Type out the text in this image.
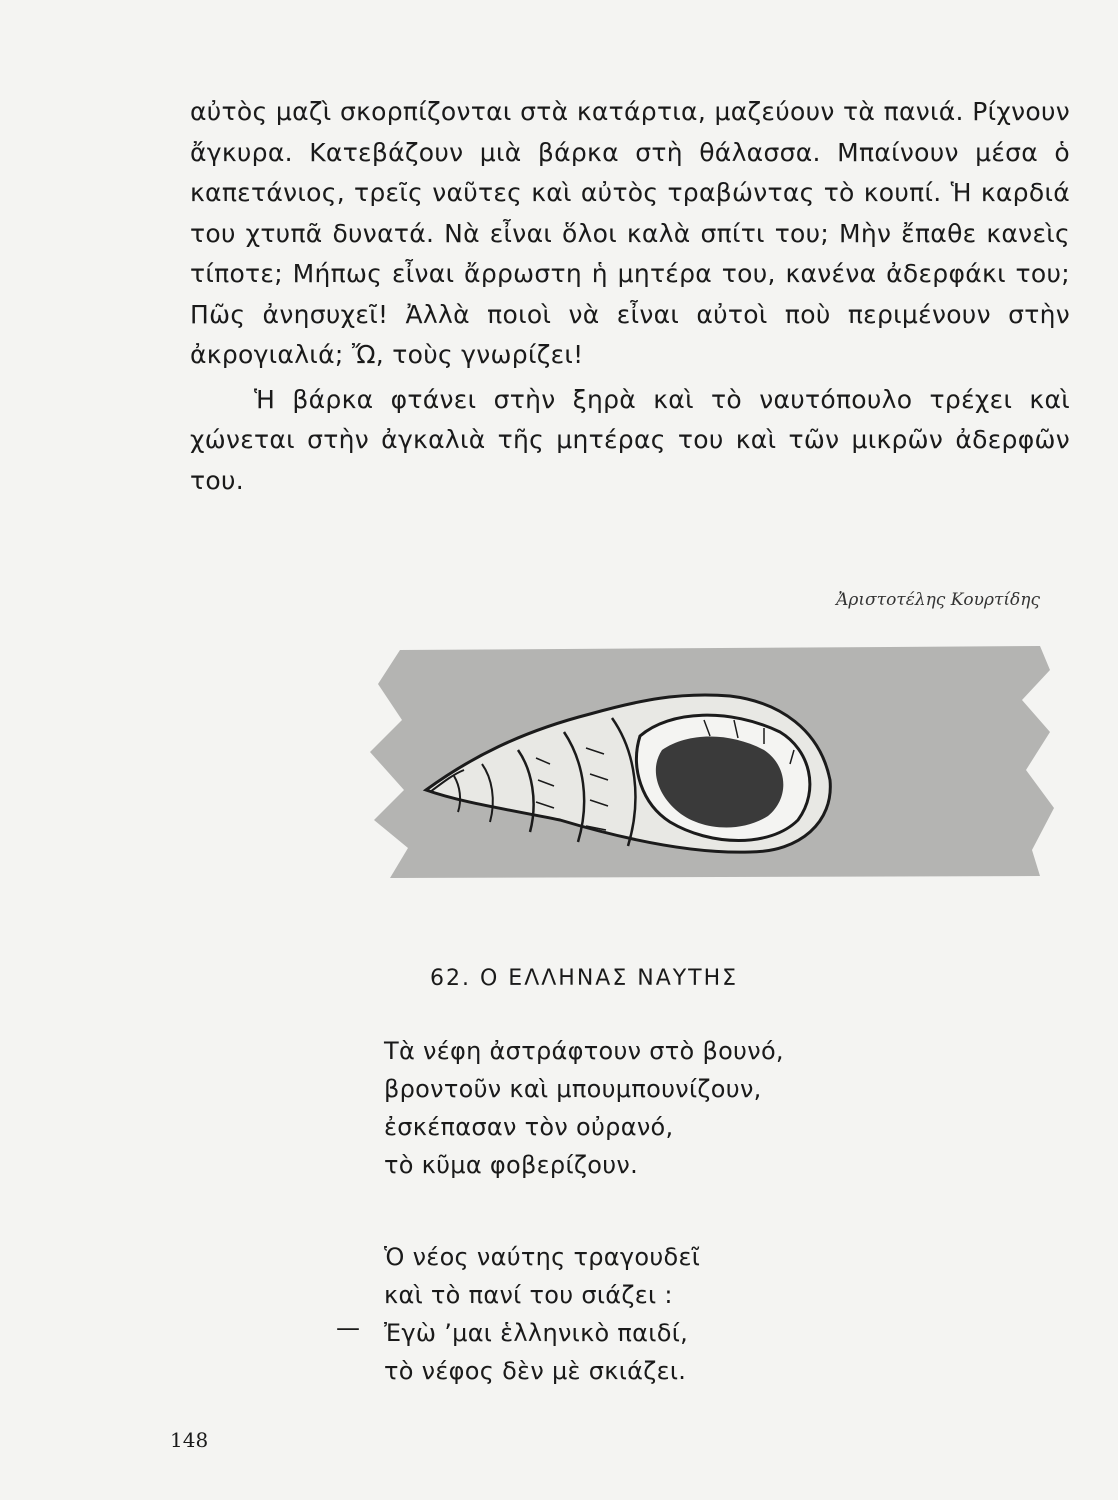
αὐτὸς μαζὶ σκορπίζονται στὰ κατάρτια, μαζεύουν τὰ πανιά. Ρίχνουν ἄγκυρα. Κατεβάζουν μιὰ βάρκα στὴ θάλασσα. Μπαίνουν μέσα ὁ καπετάνιος, τρεῖς ναῦτες καὶ αὐτὸς τραβώντας τὸ κουπί. Ἡ καρδιά του χτυπᾶ δυνατά. Νὰ εἶναι ὅλοι καλὰ σπίτι του; Μὴν ἔπαθε κανεὶς τίποτε; Μήπως εἶναι ἄρρωστη ἡ μητέρα του, κανένα ἀδερφάκι του; Πῶς ἀνησυχεῖ! Ἀλλὰ ποιοὶ νὰ εἶναι αὐτοὶ ποὺ περιμένουν στὴν ἀκρογιαλιά; Ὤ, τοὺς γνωρίζει!

Ἡ βάρκα φτάνει στὴν ξηρὰ καὶ τὸ ναυτόπουλο τρέχει καὶ χώνεται στὴν ἀγκαλιὰ τῆς μητέρας του καὶ τῶν μικρῶν ἀδερφῶν του.

Ἀριστοτέλης Κουρτίδης
62. Ο ΕΛΛΗΝΑΣ ΝΑΥΤΗΣ
Τὰ νέφη ἀστράφτουν στὸ βουνό,
βροντοῦν καὶ μπουμπουνίζουν,
ἐσκέπασαν τὸν οὐρανό,
τὸ κῦμα φοβερίζουν.
Ὁ νέος ναύτης τραγουδεῖ
καὶ τὸ πανί του σιάζει :
Ἐγὼ ’μαι ἑλληνικὸ παιδί,
τὸ νέφος δὲν μὲ σκιάζει.
—
148
